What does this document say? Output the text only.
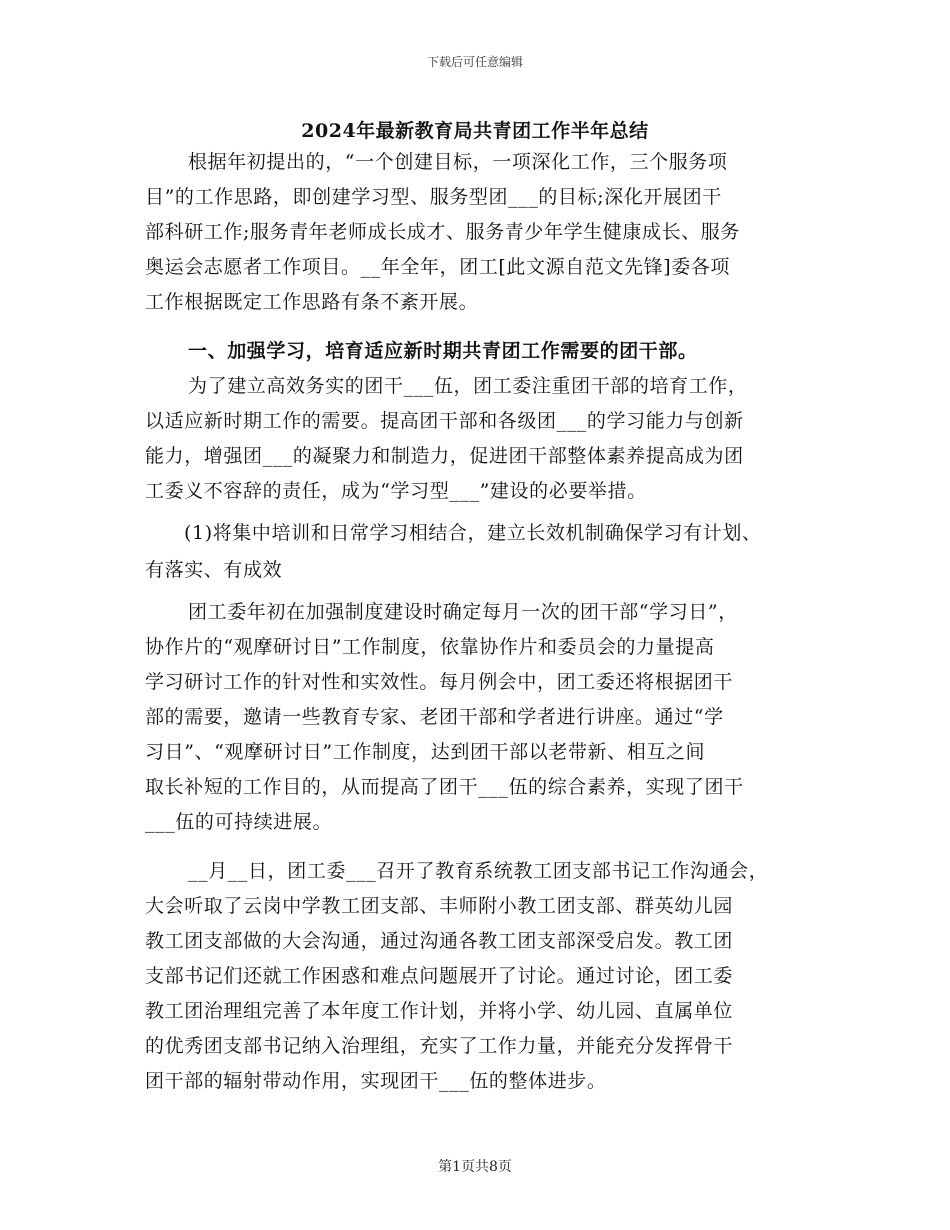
下载后可任意编辑
2024年最新教育局共青团工作半年总结
根据年初提出的，“一个创建目标，一项深化工作，三个服务项
目”的工作思路，即创建学习型、服务型团___的目标;深化开展团干
部科研工作;服务青年老师成长成才、服务青少年学生健康成长、服务
奥运会志愿者工作项目。__年全年，团工[此文源自范文先锋]委各项
工作根据既定工作思路有条不紊开展。
一、加强学习，培育适应新时期共青团工作需要的团干部。
为了建立高效务实的团干___伍，团工委注重团干部的培育工作，
以适应新时期工作的需要。提高团干部和各级团___的学习能力与创新
能力，增强团___的凝聚力和制造力，促进团干部整体素养提高成为团
工委义不容辞的责任，成为“学习型___”建设的必要举措。
(1)将集中培训和日常学习相结合，建立长效机制确保学习有计划、
有落实、有成效
团工委年初在加强制度建设时确定每月一次的团干部“学习日”，
协作片的“观摩研讨日”工作制度，依靠协作片和委员会的力量提高
学习研讨工作的针对性和实效性。每月例会中，团工委还将根据团干
部的需要，邀请一些教育专家、老团干部和学者进行讲座。通过“学
习日”、“观摩研讨日”工作制度，达到团干部以老带新、相互之间
取长补短的工作目的，从而提高了团干___伍的综合素养，实现了团干
___伍的可持续进展。
__月__日，团工委___召开了教育系统教工团支部书记工作沟通会，
大会听取了云岗中学教工团支部、丰师附小教工团支部、群英幼儿园
教工团支部做的大会沟通，通过沟通各教工团支部深受启发。教工团
支部书记们还就工作困惑和难点问题展开了讨论。通过讨论，团工委
教工团治理组完善了本年度工作计划，并将小学、幼儿园、直属单位
的优秀团支部书记纳入治理组，充实了工作力量，并能充分发挥骨干
团干部的辐射带动作用，实现团干___伍的整体进步。
第1页共8页
